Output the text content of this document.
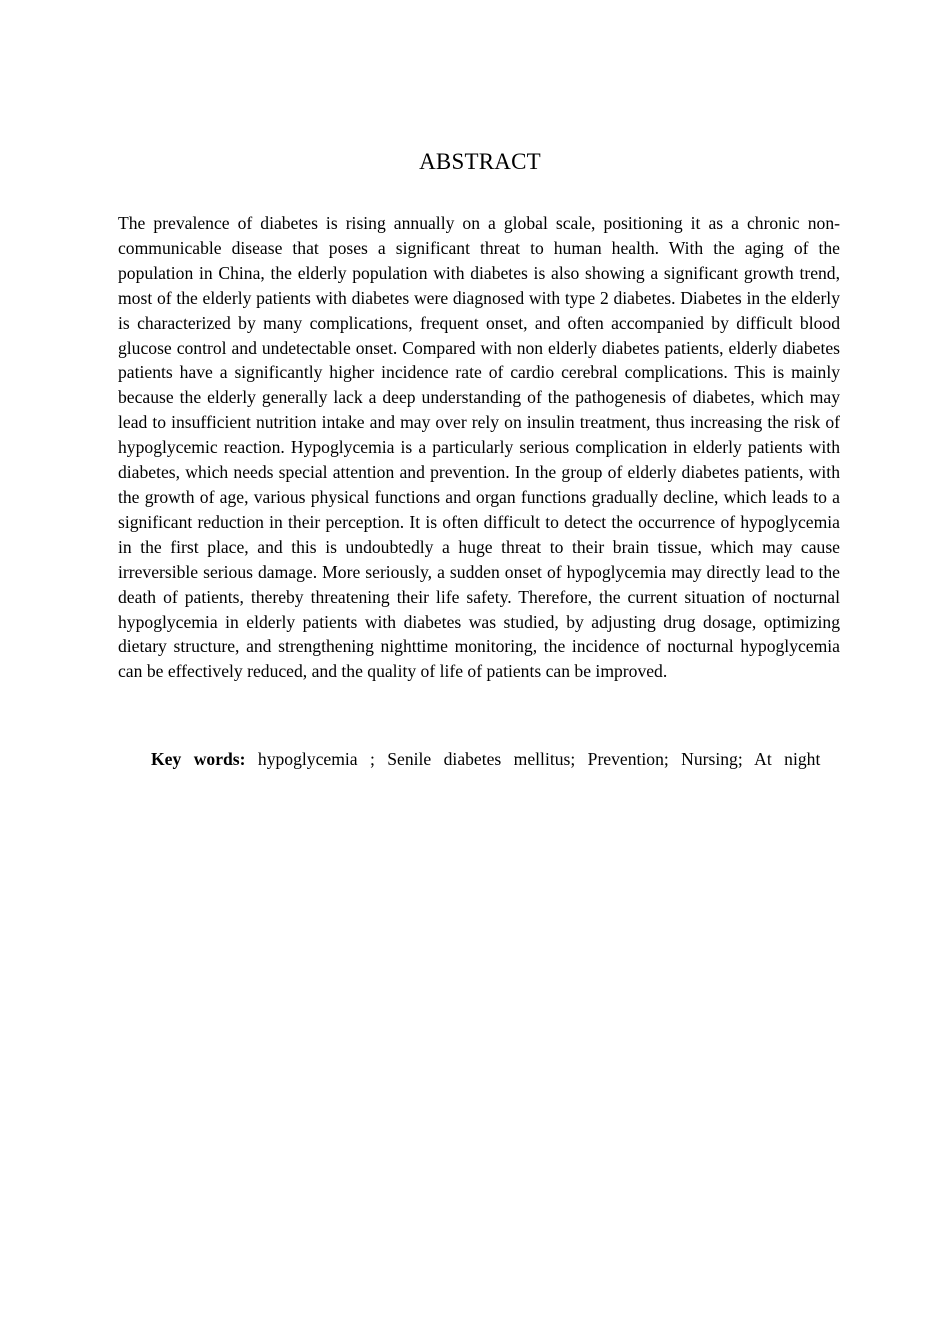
ABSTRACT

The prevalence of diabetes is rising annually on a global scale, positioning it as a chronic non-communicable disease that poses a significant threat to human health. With the aging of the population in China, the elderly population with diabetes is also showing a significant growth trend, most of the elderly patients with diabetes were diagnosed with type 2 diabetes. Diabetes in the elderly is characterized by many complications, frequent onset, and often accompanied by difficult blood glucose control and undetectable onset. Compared with non elderly diabetes patients, elderly diabetes patients have a significantly higher incidence rate of cardio cerebral complications. This is mainly because the elderly generally lack a deep understanding of the pathogenesis of diabetes, which may lead to insufficient nutrition intake and may over rely on insulin treatment, thus increasing the risk of hypoglycemic reaction. Hypoglycemia is a particularly serious complication in elderly patients with diabetes, which needs special attention and prevention. In the group of elderly diabetes patients, with the growth of age, various physical functions and organ functions gradually decline, which leads to a significant reduction in their perception. It is often difficult to detect the occurrence of hypoglycemia in the first place, and this is undoubtedly a huge threat to their brain tissue, which may cause irreversible serious damage. More seriously, a sudden onset of hypoglycemia may directly lead to the death of patients, thereby threatening their life safety. Therefore, the current situation of nocturnal hypoglycemia in elderly patients with diabetes was studied, by adjusting drug dosage, optimizing dietary structure, and strengthening nighttime monitoring, the incidence of nocturnal hypoglycemia can be effectively reduced, and the quality of life of patients can be improved.

Key words: hypoglycemia ; Senile diabetes mellitus; Prevention; Nursing; At night
